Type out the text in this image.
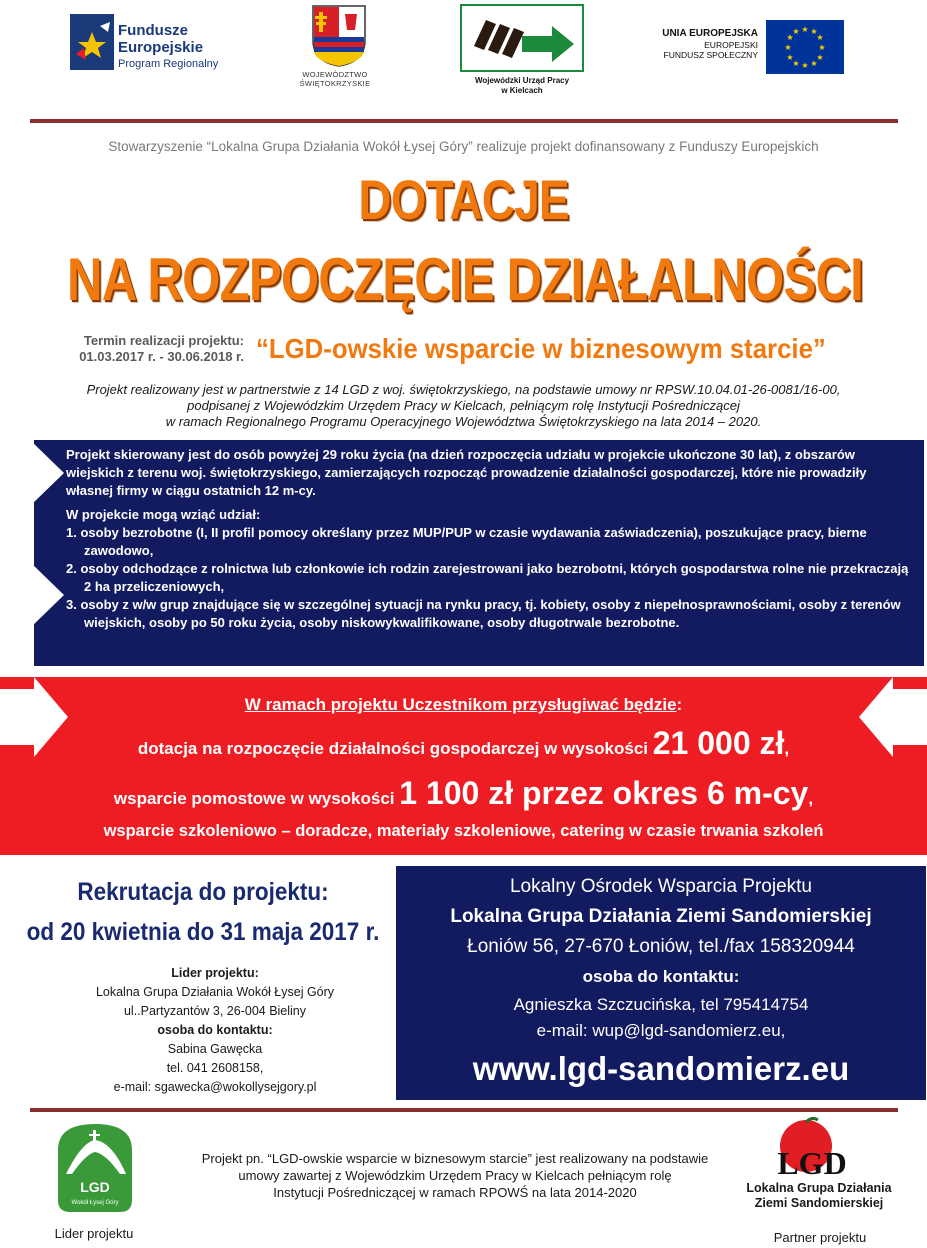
Fundusze
Europejskie
Program Regionalny
WOJEWÓDZTWO
ŚWIĘTOKRZYSKIE	Wojewódzki Urząd Pracy
w Kielcach
UNIA EUROPEJSKA
EUROPEJSKI
FUNDUSZ SPOŁECZNY
★ ★
★
★
★
★
★
★
★
★
★
★
Stowarzyszenie “Lokalna Grupa Działania Wokół Łysej Góry” realizuje projekt dofinansowany z Funduszy Europejskich
DOTACJE
NA ROZPOCZĘCIE DZIAŁALNOŚCI
Termin realizacji projektu:
01.03.2017 r. - 30.06.2018 r. “LGD-owskie wsparcie w biznesowym starcie”
Projekt realizowany jest w partnerstwie z 14 LGD z woj. świętokrzyskiego, na podstawie umowy nr RPSW.10.04.01-26-0081/16-00,
podpisanej z Wojewódzkim Urzędem Pracy w Kielcach, pełniącym rolę Instytucji Pośredniczącej
w ramach Regionalnego Programu Operacyjnego Województwa Świętokrzyskiego na lata 2014 – 2020.
Projekt skierowany jest do osób powyżej 29 roku życia (na dzień rozpoczęcia udziału w projekcie ukończone 30 lat), z obszarów wiejskich z terenu woj. świętokrzyskiego, zamierzających rozpocząć prowadzenie działalności gospodarczej, które nie prowadziły własnej firmy w ciągu ostatnich 12 m-cy.
W projekcie mogą wziąć udział:
1. osoby bezrobotne (I, II profil pomocy określany przez MUP/PUP w czasie wydawania zaświadczenia), poszukujące pracy, bierne zawodowo,
2. osoby odchodzące z rolnictwa lub członkowie ich rodzin zarejestrowani jako bezrobotni, których gospodarstwa rolne nie przekraczają 2 ha przeliczeniowych,
3. osoby z w/w grup znajdujące się w szczególnej sytuacji na rynku pracy, tj. kobiety, osoby z niepełnosprawnościami, osoby z terenów wiejskich, osoby po 50 roku życia, osoby niskowykwalifikowane, osoby długotrwale bezrobotne.
W ramach projektu Uczestnikom przysługiwać będzie:
dotacja na rozpoczęcie działalności gospodarczej w wysokości 21 000 zł,
wsparcie pomostowe w wysokości 1 100 zł przez okres 6 m-cy,
wsparcie szkoleniowo – doradcze, materiały szkoleniowe, catering w czasie trwania szkoleń
Rekrutacja do projektu:
od 20 kwietnia do 31 maja 2017 r.
Lider projektu:
Lokalna Grupa Działania Wokół Łysej Góry
ul..Partyzantów 3, 26-004 Bieliny
osoba do kontaktu:
Sabina Gawęcka
tel. 041 2608158,
e-mail: sgawecka@wokollysejgory.pl
Lokalny Ośrodek Wsparcia Projektu
Lokalna Grupa Działania Ziemi Sandomierskiej
Łoniów 56, 27-670 Łoniów, tel./fax 158320944
osoba do kontaktu:
Agnieszka Szczucińska, tel 795414754
e-mail: wup@lgd-sandomierz.eu,
www.lgd-sandomierz.eu
LGD
Wokół Łysej Góry
Lider projektu
Projekt pn. “LGD-owskie wsparcie w biznesowym starcie” jest realizowany na podstawie
umowy zawartej z Wojewódzkim Urzędem Pracy w Kielcach pełniącym rolę
Instytucji Pośredniczącej w ramach RPOWŚ na lata 2014-2020
LGD
Lokalna Grupa Działania
Ziemi Sandomierskiej
Partner projektu
